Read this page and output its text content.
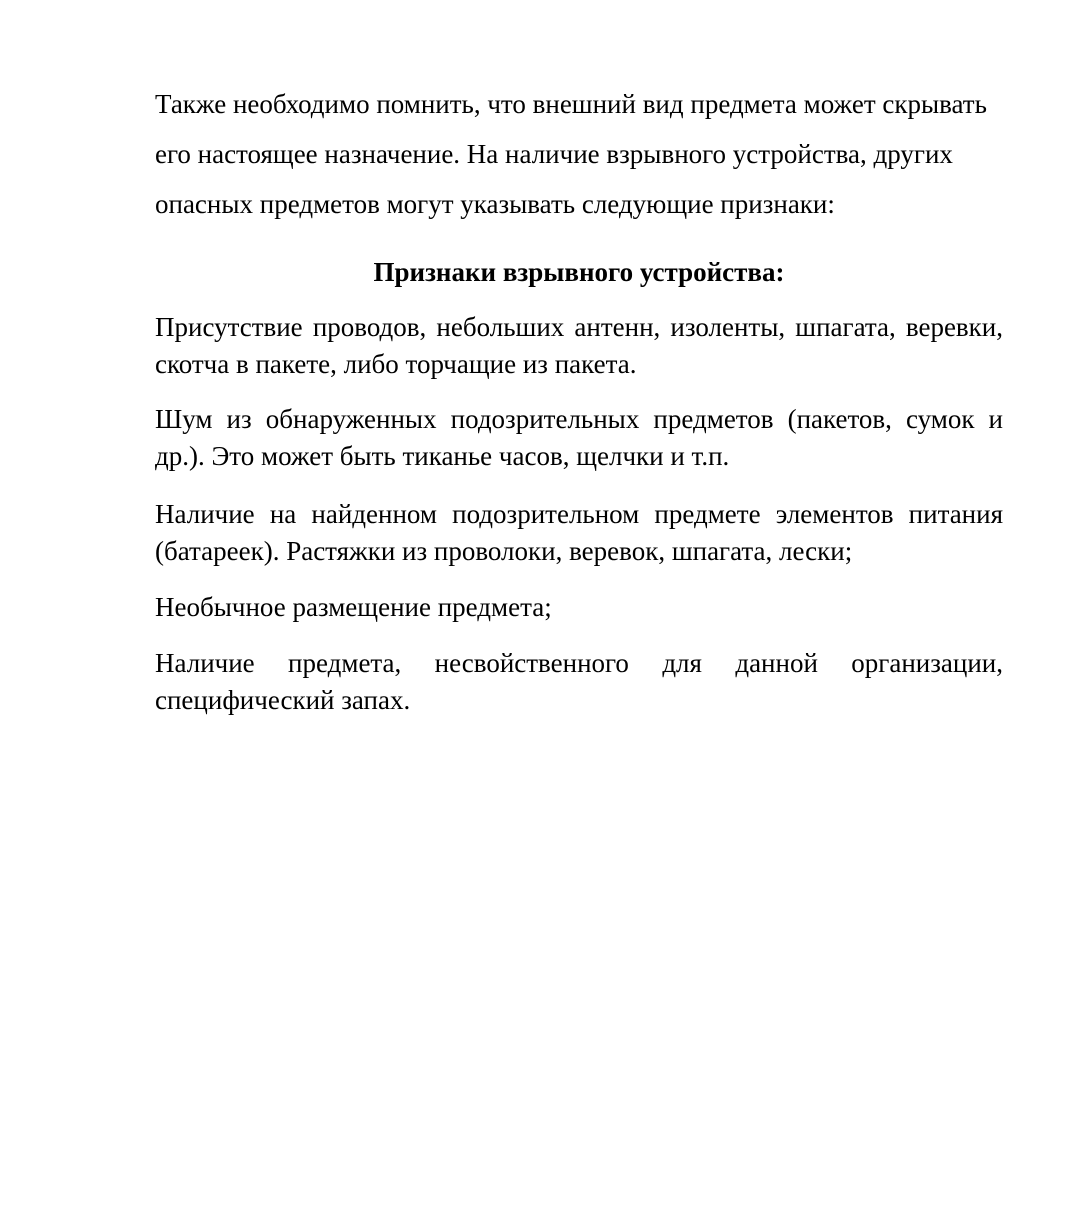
Также необходимо помнить, что внешний вид предмета может скрывать его настоящее назначение. На наличие взрывного устройства, других опасных предметов могут указывать следующие признаки:

Признаки взрывного устройства:

Присутствие проводов, небольших антенн, изоленты, шпагата, веревки, скотча в пакете, либо торчащие из пакета.

Шум из обнаруженных подозрительных предметов (пакетов, сумок и др.). Это может быть тиканье часов, щелчки и т.п.

Наличие на найденном подозрительном предмете элементов питания (батареек). Растяжки из проволоки, веревок, шпагата, лески;

Необычное размещение предмета;

Наличие предмета, несвойственного для данной организации, специфический запах.
